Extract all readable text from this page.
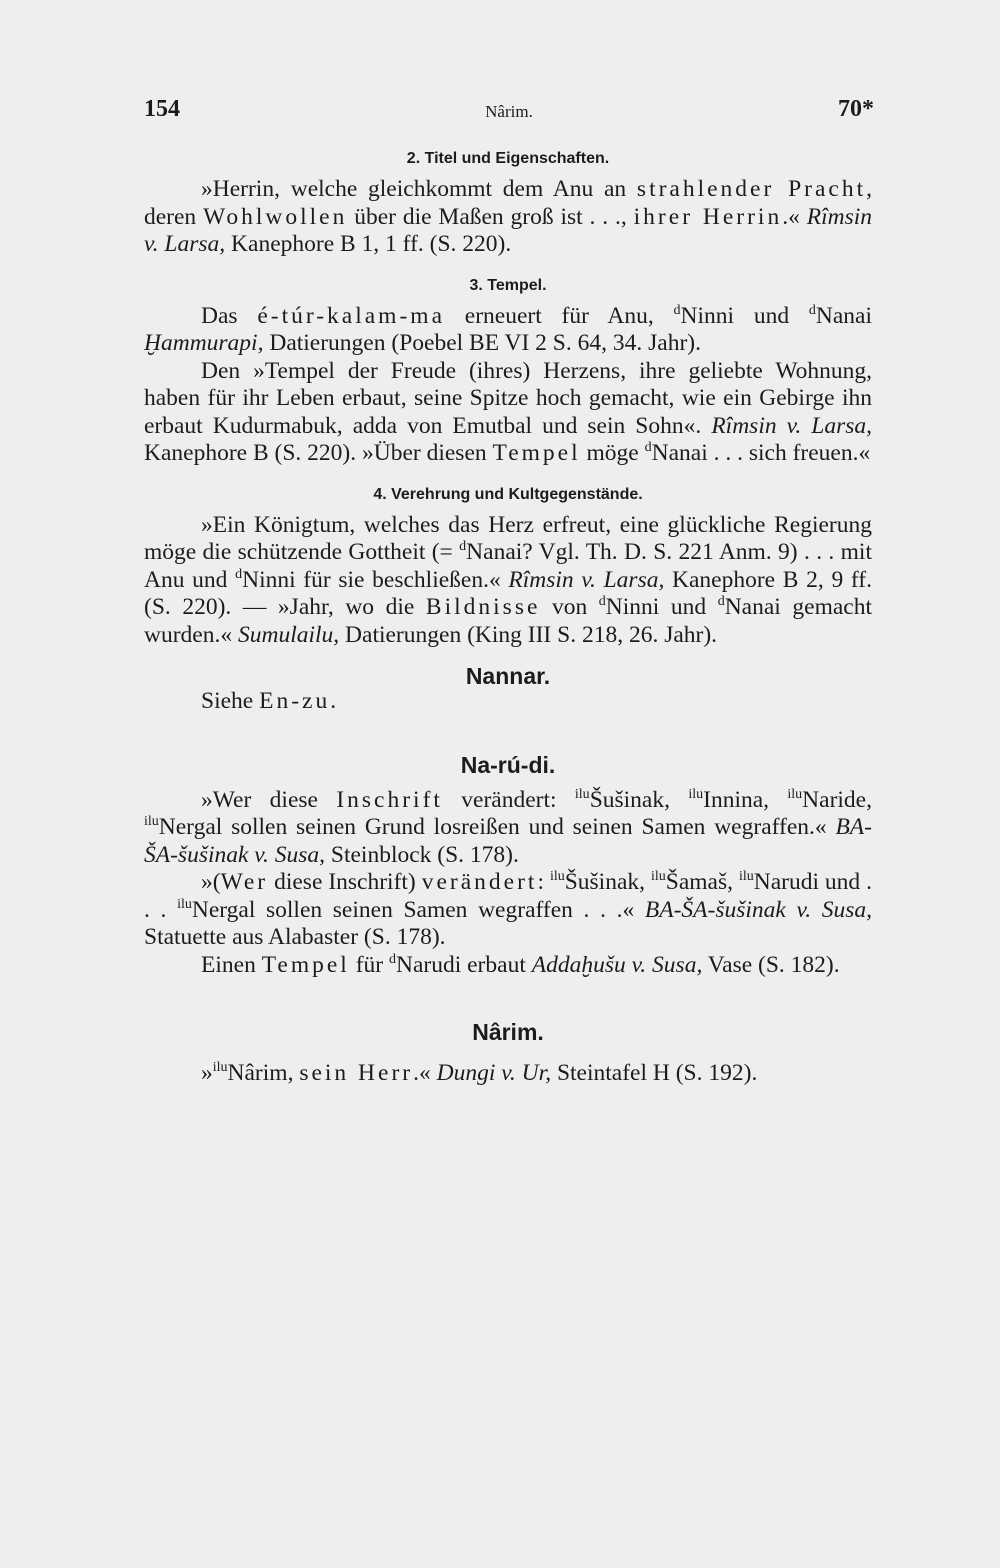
154	Nârim.	70*

2. Titel und Eigenschaften.

»Herrin, welche gleichkommt dem Anu an strahlender Pracht, deren Wohlwollen über die Maßen groß ist . . ., ihrer Herrin.« Rîmsin v. Larsa, Kanephore B 1, 1 ff. (S. 220).

3. Tempel.

Das é-túr-kalam-ma erneuert für Anu, $^d$Ninni und $^d$Nanai Ḫammurapi, Datierungen (Poebel BE VI 2 S. 64, 34. Jahr).

Den »Tempel der Freude (ihres) Herzens, ihre geliebte Wohnung, haben für ihr Leben erbaut, seine Spitze hoch gemacht, wie ein Gebirge ihn erbaut Kudurmabuk, adda von Emutbal und sein Sohn«. Rîmsin v. Larsa, Kanephore B (S. 220). »Über diesen Tempel möge $^d$Nanai . . . sich freuen.«

4. Verehrung und Kultgegenstände.

»Ein Königtum, welches das Herz erfreut, eine glückliche Regierung möge die schützende Gottheit (= $^d$Nanai? Vgl. Th. D. S. 221 Anm. 9) . . . mit Anu und $^d$Ninni für sie beschließen.« Rîmsin v. Larsa, Kanephore B 2, 9 ff. (S. 220). — »Jahr, wo die Bildnisse von $^d$Ninni und $^d$Nanai gemacht wurden.« Sumulailu, Datierungen (King III S. 218, 26. Jahr).

Nannar.

Siehe En-zu.

Na-rú-di.

»Wer diese Inschrift verändert: $^{ilu}$Šušinak, $^{ilu}$Innina, $^{ilu}$Naride, $^{ilu}$Nergal sollen seinen Grund losreißen und seinen Samen wegraffen.« BA-ŠA-šušinak v. Susa, Steinblock (S. 178).

»(Wer diese Inschrift) verändert: $^{ilu}$Šušinak, $^{ilu}$Šamaš, $^{ilu}$Narudi und . . . $^{ilu}$Nergal sollen seinen Samen wegraffen . . .« BA-ŠA-šušinak v. Susa, Statuette aus Alabaster (S. 178).

Einen Tempel für $^d$Narudi erbaut Addaḫušu v. Susa, Vase (S. 182).

Nârim.

»$^{ilu}$Nârim, sein Herr.« Dungi v. Ur, Steintafel H (S. 192).
